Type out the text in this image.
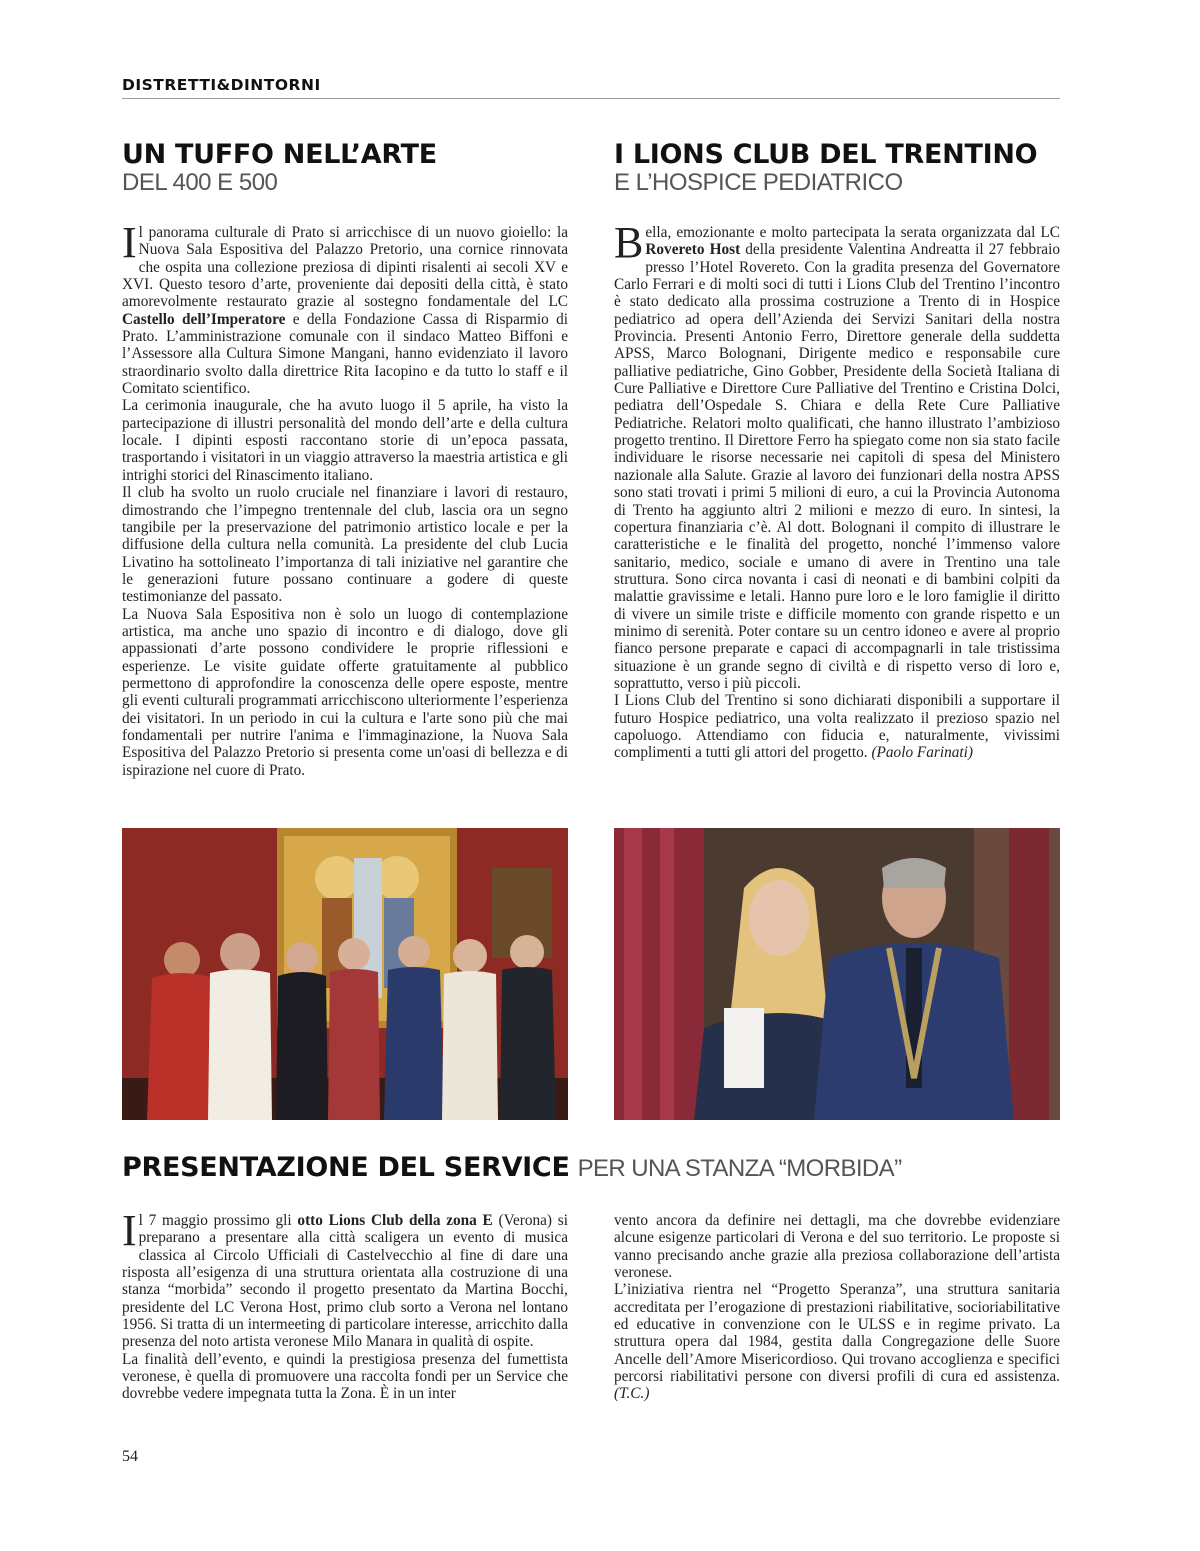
DISTRETTI&DINTORNI
UN TUFFO NELL’ARTE
DEL 400 E 500

Il panorama culturale di Prato si arricchisce di un nuovo gioiello: la Nuova Sala Espositiva del Palazzo Pretorio, una cornice rinnovata che ospita una collezione preziosa di dipinti risalenti ai secoli XV e XVI. Questo tesoro d’arte, proveniente dai depositi della città, è stato amorevolmente restaurato grazie al sostegno fondamentale del LC Castello dell’Imperatore e della Fondazione Cassa di Risparmio di Prato. L’amministrazione comunale con il sindaco Matteo Biffoni e l’Assessore alla Cultura Simone Mangani, hanno evidenziato il lavoro straordinario svolto dalla direttrice Rita Iacopino e da tutto lo staff e il Comitato scientifico.

La cerimonia inaugurale, che ha avuto luogo il 5 aprile, ha visto la partecipazione di illustri personalità del mondo dell’arte e della cultura locale. I dipinti esposti raccontano storie di un’epoca passata, trasportando i visitatori in un viaggio attraverso la maestria artistica e gli intrighi storici del Rinascimento italiano.

Il club ha svolto un ruolo cruciale nel finanziare i lavori di restauro, dimostrando che l’impegno trentennale del club, lascia ora un segno tangibile per la preservazione del patrimonio artistico locale e per la diffusione della cultura nella comunità. La presidente del club Lucia Livatino ha sottolineato l’importanza di tali iniziative nel garantire che le generazioni future possano continuare a godere di queste testimonianze del passato.

La Nuova Sala Espositiva non è solo un luogo di contemplazione artistica, ma anche uno spazio di incontro e di dialogo, dove gli appassionati d’arte possono condividere le proprie riflessioni e esperienze. Le visite guidate offerte gratuitamente al pubblico permettono di approfondire la conoscenza delle opere esposte, mentre gli eventi culturali programmati arricchiscono ulteriormente l’esperienza dei visitatori. In un periodo in cui la cultura e l'arte sono più che mai fondamentali per nutrire l'anima e l'immaginazione, la Nuova Sala Espositiva del Palazzo Pretorio si presenta come un'oasi di bellezza e di ispirazione nel cuore di Prato.

I LIONS CLUB DEL TRENTINO
E L’HOSPICE PEDIATRICO

Bella, emozionante e molto partecipata la serata organizzata dal LC Rovereto Host della presidente Valentina Andreatta il 27 febbraio presso l’Hotel Rovereto. Con la gradita presenza del Governatore Carlo Ferrari e di molti soci di tutti i Lions Club del Trentino l’incontro è stato dedicato alla prossima costruzione a Trento di in Hospice pediatrico ad opera dell’Azienda dei Servizi Sanitari della nostra Provincia. Presenti Antonio Ferro, Direttore generale della suddetta APSS, Marco Bolognani, Dirigente medico e responsabile cure palliative pediatriche, Gino Gobber, Presidente della Società Italiana di Cure Palliative e Direttore Cure Palliative del Trentino e Cristina Dolci, pediatra dell’Ospedale S. Chiara e della Rete Cure Palliative Pediatriche. Relatori molto qualificati, che hanno illustrato l’ambizioso progetto trentino. Il Direttore Ferro ha spiegato come non sia stato facile individuare le risorse necessarie nei capitoli di spesa del Ministero nazionale alla Salute. Grazie al lavoro dei funzionari della nostra APSS sono stati trovati i primi 5 milioni di euro, a cui la Provincia Autonoma di Trento ha aggiunto altri 2 milioni e mezzo di euro. In sintesi, la copertura finanziaria c’è. Al dott. Bolognani il compito di illustrare le caratteristiche e le finalità del progetto, nonché l’immenso valore sanitario, medico, sociale e umano di avere in Trentino una tale struttura. Sono circa novanta i casi di neonati e di bambini colpiti da malattie gravissime e letali. Hanno pure loro e le loro famiglie il diritto di vivere un simile triste e difficile momento con grande rispetto e un minimo di serenità. Poter contare su un centro idoneo e avere al proprio fianco persone preparate e capaci di accompagnarli in tale tristissima situazione è un grande segno di civiltà e di rispetto verso di loro e, soprattutto, verso i più piccoli.

I Lions Club del Trentino si sono dichiarati disponibili a supportare il futuro Hospice pediatrico, una volta realizzato il prezioso spazio nel capoluogo. Attendiamo con fiducia e, naturalmente, vivissimi complimenti a tutti gli attori del progetto. (Paolo Farinati)

PRESENTAZIONE DEL SERVICE PER UNA STANZA “MORBIDA”

Il 7 maggio prossimo gli otto Lions Club della zona E (Verona) si preparano a presentare alla città scaligera un evento di musica classica al Circolo Ufficiali di Castelvecchio al fine di dare una risposta all’esigenza di una struttura orientata alla costruzione di una stanza “morbida” secondo il progetto presentato da Martina Bocchi, presidente del LC Verona Host, primo club sorto a Verona nel lontano 1956. Si tratta di un intermeeting di particolare interesse, arricchito dalla presenza del noto artista veronese Milo Manara in qualità di ospite.

La finalità dell’evento, e quindi la prestigiosa presenza del fumettista veronese, è quella di promuovere una raccolta fondi per un Service che dovrebbe vedere impegnata tutta la Zona. È in un inter

vento ancora da definire nei dettagli, ma che dovrebbe evidenziare alcune esigenze particolari di Verona e del suo territorio. Le proposte si vanno precisando anche grazie alla preziosa collaborazione dell’artista veronese.

L’iniziativa rientra nel “Progetto Speranza”, una struttura sanitaria accreditata per l’erogazione di prestazioni riabilitative, socioriabilitative ed educative in convenzione con le ULSS e in regime privato. La struttura opera dal 1984, gestita dalla Congregazione delle Suore Ancelle dell’Amore Misericordioso. Qui trovano accoglienza e specifici percorsi riabilitativi persone con diversi profili di cura ed assistenza. (T.C.)

54
